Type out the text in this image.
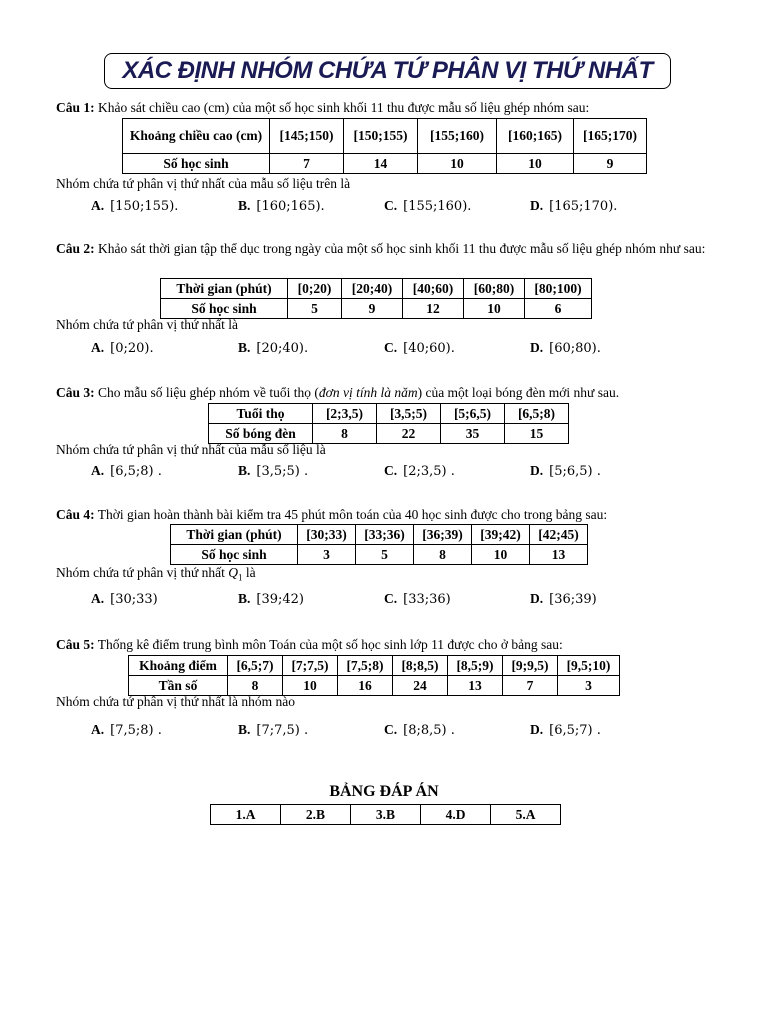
XÁC ĐỊNH NHÓM CHỨA TỨ PHÂN VỊ THỨ NHẤT
Câu 1: Khảo sát chiều cao (cm) của một số học sinh khối 11 thu được mẫu số liệu ghép nhóm sau:
Khoảng chiều cao (cm)	[145;150)	[150;155)	[155;160)	[160;165)	[165;170)
Số học sinh	7	14	10	10	9
Nhóm chứa tứ phân vị thứ nhất của mẫu số liệu trên là
A. [150;155).	B. [160;165).	C. [155;160).	D. [165;170).
Câu 2: Khảo sát thời gian tập thể dục trong ngày của một số học sinh khối 11 thu được mẫu số liệu ghép nhóm như sau:
Thời gian (phút)	[0;20)	[20;40)	[40;60)	[60;80)	[80;100)
Số học sinh	5	9	12	10	6
Nhóm chứa tứ phân vị thứ nhất là
A. [0;20).	B. [20;40).	C. [40;60).	D. [60;80).
Câu 3: Cho mẫu số liệu ghép nhóm về tuổi thọ (đơn vị tính là năm) của một loại bóng đèn mới như sau.
Tuổi thọ	[2;3,5)	[3,5;5)	[5;6,5)	[6,5;8)
Số bóng đèn	8	22	35	15
Nhóm chứa tứ phân vị thứ nhất của mẫu số liệu là
A. [6,5;8) .	B. [3,5;5) .	C. [2;3,5) .	D. [5;6,5) .
Câu 4: Thời gian hoàn thành bài kiểm tra 45 phút môn toán của 40 học sinh được cho trong bảng sau:
Thời gian (phút)	[30;33)	[33;36)	[36;39)	[39;42)	[42;45)
Số học sinh	3	5	8	10	13
Nhóm chứa tứ phân vị thứ nhất $Q_1$ là
A. [30;33)	B. [39;42)	C. [33;36)	D. [36;39)
Câu 5: Thống kê điểm trung bình môn Toán của một số học sinh lớp 11 được cho ở bảng sau:
Khoảng điểm	[6,5;7)	[7;7,5)	[7,5;8)	[8;8,5)	[8,5;9)	[9;9,5)	[9,5;10)
Tần số	8	10	16	24	13	7	3
Nhóm chứa tứ phân vị thứ nhất là nhóm nào
A. [7,5;8) .	B. [7;7,5) .	C. [8;8,5) .	D. [6,5;7) .
BẢNG ĐÁP ÁN
1.A	2.B	3.B	4.D	5.A
